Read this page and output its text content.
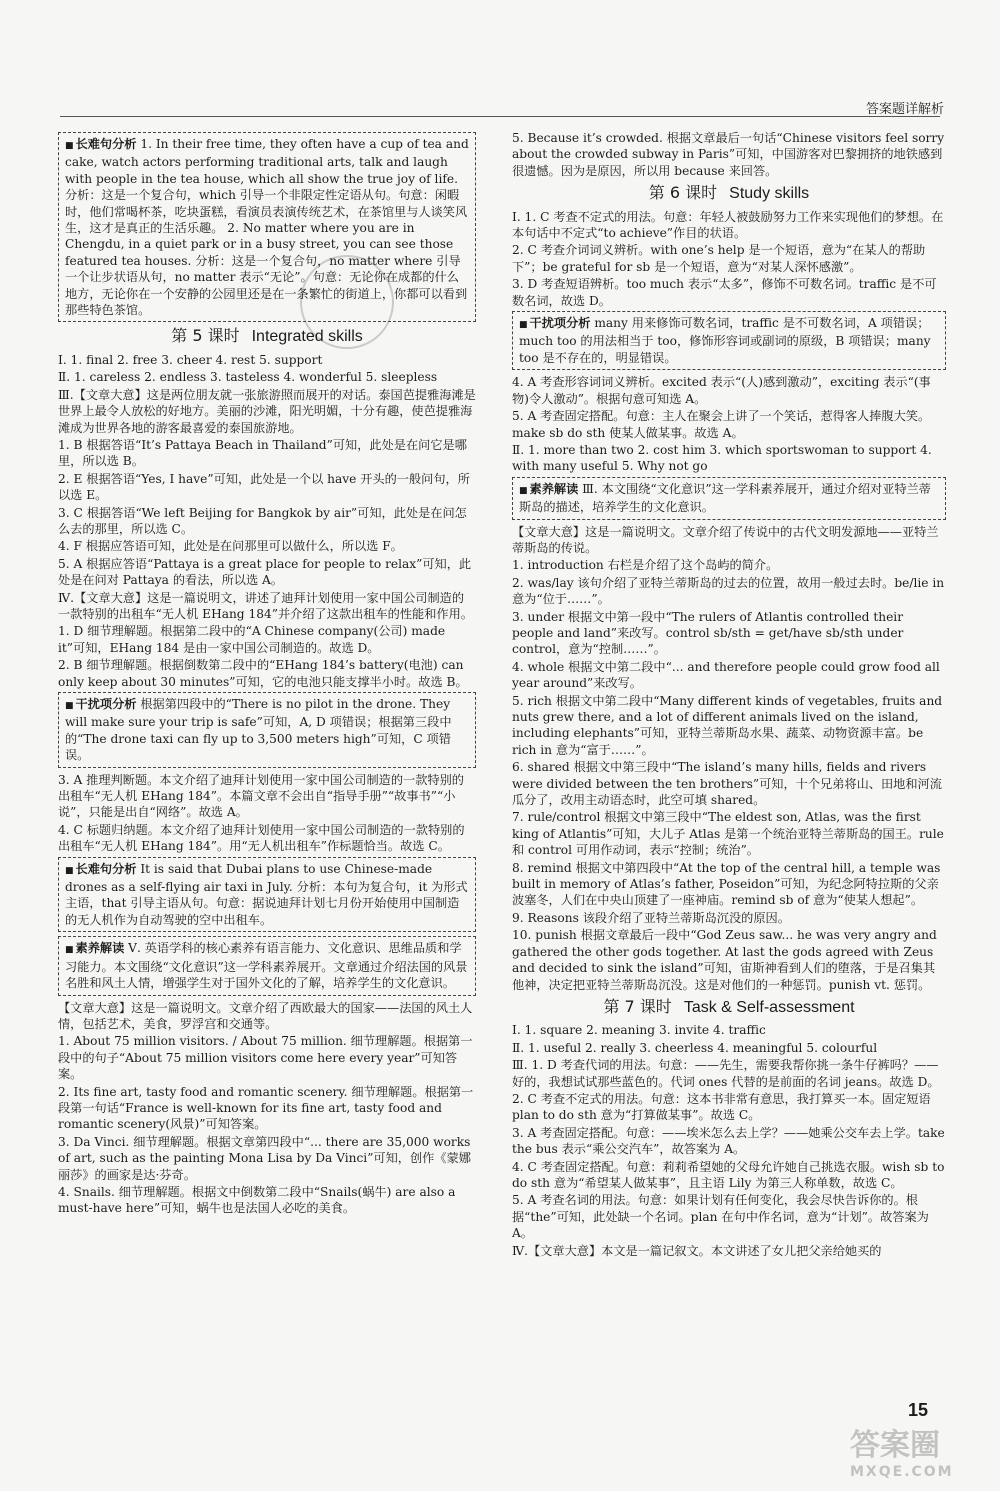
答案题详解析
■ 长难句分析 1. In their free time, they often have a cup of tea and cake, watch actors performing traditional arts, talk and laugh with people in the tea house, which all show the true joy of life. 分析：这是一个复合句，which 引导一个非限定性定语从句。句意：闲暇时，他们常喝杯茶，吃块蛋糕，看演员表演传统艺术，在茶馆里与人谈笑风生，这才是真正的生活乐趣。 2. No matter where you are in Chengdu, in a quiet park or in a busy street, you can see those featured tea houses. 分析：这是一个复合句，no matter where 引导一个让步状语从句，no matter 表示“无论”。句意：无论你在成都的什么地方，无论你在一个安静的公园里还是在一条繁忙的街道上，你都可以看到那些特色茶馆。
第 5 课时 Integrated skills

Ⅰ. 1. final 2. free 3. cheer 4. rest 5. support

Ⅱ. 1. careless 2. endless 3. tasteless 4. wonderful 5. sleepless

Ⅲ.【文章大意】这是两位朋友就一张旅游照而展开的对话。泰国芭提雅海滩是世界上最令人放松的好地方。美丽的沙滩，阳光明媚，十分有趣，使芭提雅海滩成为世界各地的游客最喜爱的泰国旅游地。

1. B 根据答语“It’s Pattaya Beach in Thailand”可知，此处是在问它是哪里，所以选 B。

2. E 根据答语“Yes, I have”可知，此处是一个以 have 开头的一般问句，所以选 E。

3. C 根据答语“We left Beijing for Bangkok by air”可知，此处是在问怎么去的那里，所以选 C。

4. F 根据应答语可知，此处是在问那里可以做什么，所以选 F。

5. A 根据应答语“Pattaya is a great place for people to relax”可知，此处是在问对 Pattaya 的看法，所以选 A。

Ⅳ.【文章大意】这是一篇说明文，讲述了迪拜计划使用一家中国公司制造的一款特别的出租车“无人机 EHang 184”并介绍了这款出租车的性能和作用。

1. D 细节理解题。根据第二段中的“A Chinese company(公司) made it”可知，EHang 184 是由一家中国公司制造的。故选 D。

2. B 细节理解题。根据倒数第二段中的“EHang 184’s battery(电池) can only keep about 30 minutes”可知，它的电池只能支撑半小时。故选 B。

■ 干扰项分析 根据第四段中的“There is no pilot in the drone. They will make sure your trip is safe”可知，A, D 项错误；根据第三段中的“The drone taxi can fly up to 3,500 meters high”可知，C 项错误。

3. A 推理判断题。本文介绍了迪拜计划使用一家中国公司制造的一款特别的出租车“无人机 EHang 184”。本篇文章不会出自“指导手册”“故事书”“小说”，只能是出自“网络”。故选 A。

4. C 标题归纳题。本文介绍了迪拜计划使用一家中国公司制造的一款特别的出租车“无人机 EHang 184”。用“无人机出租车”作标题恰当。故选 C。

■ 长难句分析 It is said that Dubai plans to use Chinese-made drones as a self-flying air taxi in July. 分析：本句为复合句，it 为形式主语，that 引导主语从句。句意：据说迪拜计划七月份开始使用中国制造的无人机作为自动驾驶的空中出租车。
■ 素养解读 Ⅴ. 英语学科的核心素养有语言能力、文化意识、思维品质和学习能力。本文围绕“文化意识”这一学科素养展开。文章通过介绍法国的风景名胜和风土人情，增强学生对于国外文化的了解，培养学生的文化意识。

【文章大意】这是一篇说明文。文章介绍了西欧最大的国家——法国的风土人情，包括艺术，美食，罗浮宫和交通等。

1. About 75 million visitors. / About 75 million. 细节理解题。根据第一段中的句子“About 75 million visitors come here every year”可知答案。

2. Its fine art, tasty food and romantic scenery. 细节理解题。根据第一段第一句话“France is well-known for its fine art, tasty food and romantic scenery(风景)”可知答案。

3. Da Vinci. 细节理解题。根据文章第四段中“... there are 35,000 works of art, such as the painting Mona Lisa by Da Vinci”可知，创作《蒙娜丽莎》的画家是达·芬奇。

4. Snails. 细节理解题。根据文中倒数第二段中“Snails(蜗牛) are also a must-have here”可知，蜗牛也是法国人必吃的美食。

5. Because it’s crowded. 根据文章最后一句话“Chinese visitors feel sorry about the crowded subway in Paris”可知，中国游客对巴黎拥挤的地铁感到很遗憾。因为是原因，所以用 because 来回答。

第 6 课时 Study skills

Ⅰ. 1. C 考查不定式的用法。句意：年轻人被鼓励努力工作来实现他们的梦想。在本句话中不定式“to achieve”作目的状语。

2. C 考查介词词义辨析。with one’s help 是一个短语，意为“在某人的帮助下”；be grateful for sb 是一个短语，意为“对某人深怀感激”。

3. D 考查短语辨析。too much 表示“太多”，修饰不可数名词。traffic 是不可数名词，故选 D。

■ 干扰项分析 many 用来修饰可数名词，traffic 是不可数名词，A 项错误；much too 的用法相当于 too，修饰形容词或副词的原级，B 项错误；many too 是不存在的，明显错误。

4. A 考查形容词词义辨析。excited 表示“(人)感到激动”，exciting 表示“(事物)令人激动”。根据句意可知选 A。

5. A 考查固定搭配。句意：主人在聚会上讲了一个笑话，惹得客人捧腹大笑。make sb do sth 使某人做某事。故选 A。

Ⅱ. 1. more than two 2. cost him 3. which sportswoman to support 4. with many useful 5. Why not go

■ 素养解读 Ⅲ. 本文围绕“文化意识”这一学科素养展开，通过介绍对亚特兰蒂斯岛的描述，培养学生的文化意识。

【文章大意】这是一篇说明文。文章介绍了传说中的古代文明发源地——亚特兰蒂斯岛的传说。

1. introduction 右栏是介绍了这个岛屿的简介。

2. was/lay 该句介绍了亚特兰蒂斯岛的过去的位置，故用一般过去时。be/lie in 意为“位于……”。

3. under 根据文中第一段中“The rulers of Atlantis controlled their people and land”来改写。control sb/sth = get/have sb/sth under control，意为“控制……”。

4. whole 根据文中第二段中“... and therefore people could grow food all year around”来改写。

5. rich 根据文中第二段中“Many different kinds of vegetables, fruits and nuts grew there, and a lot of different animals lived on the island, including elephants”可知，亚特兰蒂斯岛水果、蔬菜、动物资源丰富。be rich in 意为“富于……”。

6. shared 根据文中第三段中“The island’s many hills, fields and rivers were divided between the ten brothers”可知，十个兄弟将山、田地和河流瓜分了，改用主动语态时，此空可填 shared。

7. rule/control 根据文中第三段中“The eldest son, Atlas, was the first king of Atlantis”可知，大儿子 Atlas 是第一个统治亚特兰蒂斯岛的国王。rule 和 control 可用作动词，表示“控制；统治”。

8. remind 根据文中第四段中“At the top of the central hill, a temple was built in memory of Atlas’s father, Poseidon”可知，为纪念阿特拉斯的父亲波塞冬，人们在中央山顶建了一座神庙。remind sb of 意为“使某人想起”。

9. Reasons 该段介绍了亚特兰蒂斯岛沉没的原因。

10. punish 根据文章最后一段中“God Zeus saw... he was very angry and gathered the other gods together. At last the gods agreed with Zeus and decided to sink the island”可知，宙斯神看到人们的堕落，于是召集其他神，决定把亚特兰蒂斯岛沉没。这是对他们的一种惩罚。punish vt. 惩罚。

第 7 课时 Task & Self-assessment

Ⅰ. 1. square 2. meaning 3. invite 4. traffic

Ⅱ. 1. useful 2. really 3. cheerless 4. meaningful 5. colourful

Ⅲ. 1. D 考查代词的用法。句意：——先生，需要我帮你挑一条牛仔裤吗？——好的，我想试试那些蓝色的。代词 ones 代替的是前面的名词 jeans。故选 D。

2. C 考查不定式的用法。句意：这本书非常有意思，我打算买一本。固定短语 plan to do sth 意为“打算做某事”。故选 C。

3. A 考查固定搭配。句意：——埃米怎么去上学？——她乘公交车去上学。take the bus 表示“乘公交汽车”，故答案为 A。

4. C 考查固定搭配。句意：莉莉希望她的父母允许她自己挑选衣服。wish sb to do sth 意为“希望某人做某事”，且主语 Lily 为第三人称单数，故选 C。

5. A 考查名词的用法。句意：如果计划有任何变化，我会尽快告诉你的。根据“the”可知，此处缺一个名词。plan 在句中作名词，意为“计划”。故答案为 A。

Ⅳ.【文章大意】本文是一篇记叙文。本文讲述了女儿把父亲给她买的

15
答案圈
MXQE.COM
